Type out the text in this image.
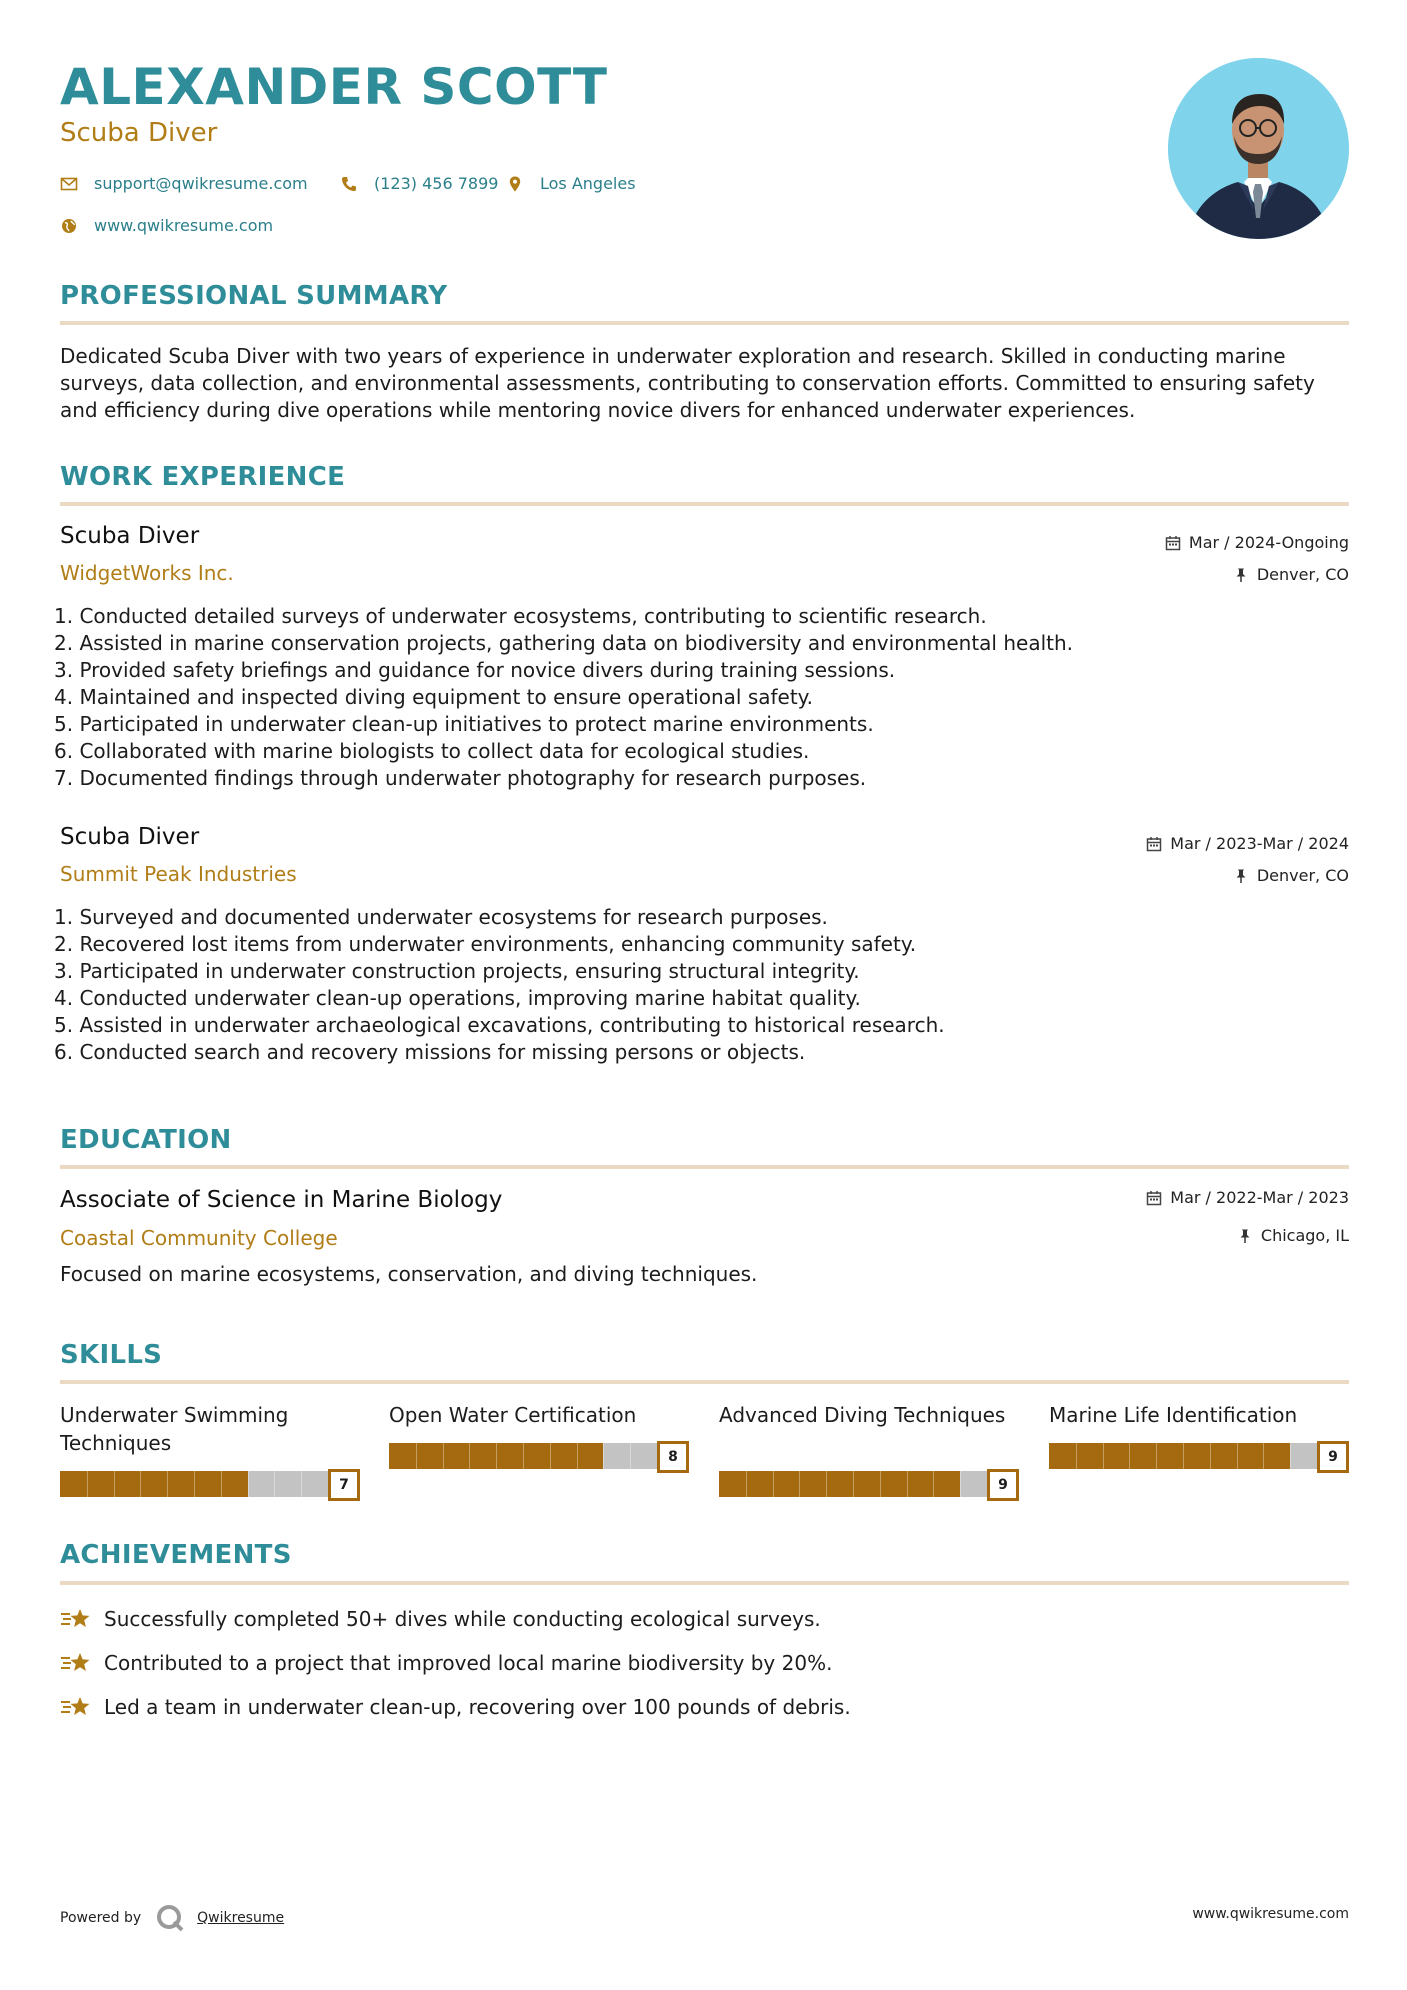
ALEXANDER SCOTT
Scuba Diver
support@qwikresume.com	(123) 456 7899	Los Angeles
www.qwikresume.com
PROFESSIONAL SUMMARY
Dedicated Scuba Diver with two years of experience in underwater exploration and research. Skilled in conducting marine surveys, data collection, and environmental assessments, contributing to conservation efforts. Committed to ensuring safety and efficiency during dive operations while mentoring novice divers for enhanced underwater experiences.
WORK EXPERIENCE
Scuba Diver
WidgetWorks Inc.
Mar / 2024-Ongoing
Denver, CO
1. Conducted detailed surveys of underwater ecosystems, contributing to scientific research.
2. Assisted in marine conservation projects, gathering data on biodiversity and environmental health.
3. Provided safety briefings and guidance for novice divers during training sessions.
4. Maintained and inspected diving equipment to ensure operational safety.
5. Participated in underwater clean-up initiatives to protect marine environments.
6. Collaborated with marine biologists to collect data for ecological studies.
7. Documented findings through underwater photography for research purposes.
Scuba Diver
Summit Peak Industries
Mar / 2023-Mar / 2024
Denver, CO
1. Surveyed and documented underwater ecosystems for research purposes.
2. Recovered lost items from underwater environments, enhancing community safety.
3. Participated in underwater construction projects, ensuring structural integrity.
4. Conducted underwater clean-up operations, improving marine habitat quality.
5. Assisted in underwater archaeological excavations, contributing to historical research.
6. Conducted search and recovery missions for missing persons or objects.
EDUCATION
Associate of Science in Marine Biology
Coastal Community College
Mar / 2022-Mar / 2023
Chicago, IL
Focused on marine ecosystems, conservation, and diving techniques.
SKILLS
Underwater Swimming Techniques
7
Open Water Certification
8
Advanced Diving Techniques
9
Marine Life Identification
9
ACHIEVEMENTS
Successfully completed 50+ dives while conducting ecological surveys.
Contributed to a project that improved local marine biodiversity by 20%.
Led a team in underwater clean-up, recovering over 100 pounds of debris.
Powered by	Qwikresume	www.qwikresume.com
